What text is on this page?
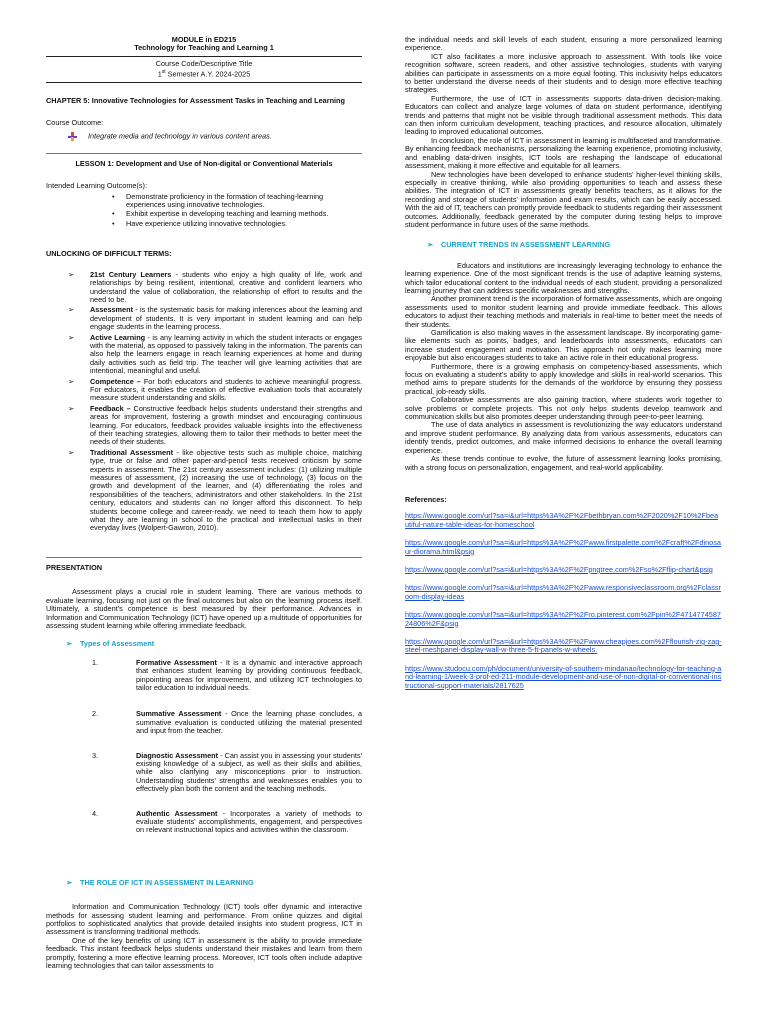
MODULE in ED215
Technology for Teaching and Learning 1
Course Code/Descriptive Title
1st Semester A.Y. 2024-2025

CHAPTER 5: Innovative Technologies for Assessment Tasks in Teaching and Learning

Course Outcome:
Integrate media and technology in various content areas.
LESSON 1: Development and Use of Non-digital or Conventional Materials
Intended Learning Outcome(s):
• Demonstrate proficiency in the formation of teaching-learning experiences using innovative technologies.
• Exhibit expertise in developing teaching and learning methods.
• Have experience utilizing innovative technologies.
UNLOCKING OF DIFFICULT TERMS:
➢ 21st Century Learners - students who enjoy a high quality of life, work and relationships by being resilient, intentional, creative and confident learners who understand the value of collaboration, the relationship of effort to results and the need to be.
➢ Assessment - is the systematic basis for making inferences about the learning and development of students. It is very important in student learning and can help engage students in the learning process.
➢ Active Learning - is any learning activity in which the student interacts or engages with the material, as opposed to passively taking in the information. The parents can also help the learners engage in reach learning experiences at home and during daily activities such as field trip. The teacher will give learning activities that are intentional, meaningful and useful.
➢ Competence – For both educators and students to achieve meaningful progress. For educators, it enables the creation of effective evaluation tools that accurately measure student understanding and skills.
➢ Feedback – Constructive feedback helps students understand their strengths and areas for improvement, fostering a growth mindset and encouraging continuous learning. For educators, feedback provides valuable insights into the effectiveness of their teaching strategies, allowing them to tailor their methods to better meet the needs of their students.
➢ Traditional Assessment - like objective tests such as multiple choice, matching type, true or false and other paper-and-pencil tests received criticism by some experts in assessment. The 21st century assessment includes: (1) utilizing multiple measures of assessment, (2) increasing the use of technology, (3) focus on the growth and development of the learner, and (4) differentiating the roles and responsibilities of the teachers, administrators and other stakeholders. In the 21st century, educators and students can no longer afford this disconnect. To help students become college and career-ready. we need to teach them how to apply what they are learning in school to the practical and intellectual tasks in their everyday lives (Wolpert-Gawron, 2010).
PRESENTATION

Assessment plays a crucial role in student learning. There are various methods to evaluate learning, focusing not just on the final outcomes but also on the learning process itself. Ultimately, a student's competence is best measured by their performance. Advances in Information and Communication Technology (ICT) have opened up a multitude of opportunities for assessing student learning while offering immediate feedback.

➢ Types of Assessment
1.	Formative Assessment - It is a dynamic and interactive approach that enhances student learning by providing continuous feedback, pinpointing areas for improvement, and utilizing ICT technologies to tailor education to individual needs.

2.	Summative Assessment - Once the learning phase concludes, a summative evaluation is conducted utilizing the material presented and input from the teacher.

3.	Diagnostic Assessment - Can assist you in assessing your students' existing knowledge of a subject, as well as their skills and abilities, while also clarifying any misconceptions prior to instruction. Understanding students' strengths and weaknesses enables you to effectively plan both the content and the teaching methods.

4.	Authentic Assessment - Incorporates a variety of methods to evaluate students' accomplishments, engagement, and perspectives on relevant instructional topics and activities within the classroom.

➢ THE ROLE OF ICT IN ASSESSMENT IN LEARNING

Information and Communication Technology (ICT) tools offer dynamic and interactive methods for assessing student learning and performance. From online quizzes and digital portfolios to sophisticated analytics that provide detailed insights into student progress, ICT in assessment is transforming traditional methods.

One of the key benefits of using ICT in assessment is the ability to provide immediate feedback. This instant feedback helps students understand their mistakes and learn from them promptly, fostering a more effective learning process. Moreover, ICT tools often include adaptive learning technologies that can tailor assessments to

the individual needs and skill levels of each student, ensuring a more personalized learning experience.

ICT also facilitates a more inclusive approach to assessment. With tools like voice recognition software, screen readers, and other assistive technologies, students with varying abilities can participate in assessments on a more equal footing. This inclusivity helps educators to better understand the diverse needs of their students and to design more effective teaching strategies.

Furthermore, the use of ICT in assessments supports data-driven decision-making. Educators can collect and analyze large volumes of data on student performance, identifying trends and patterns that might not be visible through traditional assessment methods. This data can then inform curriculum development, teaching practices, and resource allocation, ultimately leading to improved educational outcomes.

In conclusion, the role of ICT in assessment in learning is multifaceted and transformative. By enhancing feedback mechanisms, personalizing the learning experience, promoting inclusivity, and enabling data-driven insights, ICT tools are reshaping the landscape of educational assessment, making it more effective and equitable for all learners.

New technologies have been developed to enhance students' higher-level thinking skills, especially in creative thinking, while also providing opportunities to teach and assess these abilities. The integration of ICT in assessments greatly benefits teachers, as it allows for the recording and storage of students' information and exam results, which can be easily accessed. With the aid of IT, teachers can promptly provide feedback to students regarding their assessment outcomes. Additionally, feedback generated by the computer during testing helps to improve student performance in future uses of the same methods.

➢ CURRENT TRENDS IN ASSESSMENT LEARNING

Educators and institutions are increasingly leveraging technology to enhance the learning experience. One of the most significant trends is the use of adaptive learning systems, which tailor educational content to the individual needs of each student, providing a personalized learning journey that can address specific weaknesses and strengths.

Another prominent trend is the incorporation of formative assessments, which are ongoing assessments used to monitor student learning and provide immediate feedback. This allows educators to adjust their teaching methods and materials in real-time to better meet the needs of their students.

Gamification is also making waves in the assessment landscape. By incorporating game-like elements such as points, badges, and leaderboards into assessments, educators can increase student engagement and motivation. This approach not only makes learning more enjoyable but also encourages students to take an active role in their educational progress.

Furthermore, there is a growing emphasis on competency-based assessments, which focus on evaluating a student's ability to apply knowledge and skills in real-world scenarios. This method aims to prepare students for the demands of the workforce by ensuring they possess practical, job-ready skills.

Collaborative assessments are also gaining traction, where students work together to solve problems or complete projects. This not only helps students develop teamwork and communication skills but also promotes deeper understanding through peer-to-peer learning.

The use of data analytics in assessment is revolutionizing the way educators understand and improve student performance. By analyzing data from various assessments, educators can identify trends, predict outcomes, and make informed decisions to enhance the overall learning experience.

As these trends continue to evolve, the future of assessment learning looks promising, with a strong focus on personalization, engagement, and real-world applicability.

References:
https://www.google.com/url?sa=i&url=https%3A%2F%2Fbethbryan.com%2F2020%2F10%2Fbeautiful-nature-table-ideas-for-homeschool
https://www.google.com/url?sa=i&url=https%3A%2F%2Fwww.firstpalette.com%2Fcraft%2Fdinosaur-diorama.html&psig
https://www.google.com/url?sa=i&url=https%3A%2F%2Fpngtree.com%2Fso%2Fflip-chart&psig
https://www.google.com/url?sa=i&url=https%3A%2F%2Fwww.responsiveclassroom.org%2Fclassroom-display-ideas
https://www.google.com/url?sa=i&url=https%3A%2F%2Fro.pinterest.com%2Fpin%2F471477458724806%2F&psig
https://www.google.com/url?sa=i&url=https%3A%2F%2Fwww.cheapjoes.com%2Fflourish-zig-zag-steel-meshpanel-display-wall-w-three-5-ft-panels-w-wheels.
https://www.studocu.com/ph/document/university-of-southern-mindanao/technology-for-teaching-and-learning-1/week-3-prof-ed-211-module-development-and-use-of-non-digital-or-conventional-instructional-support-materials/2817625
